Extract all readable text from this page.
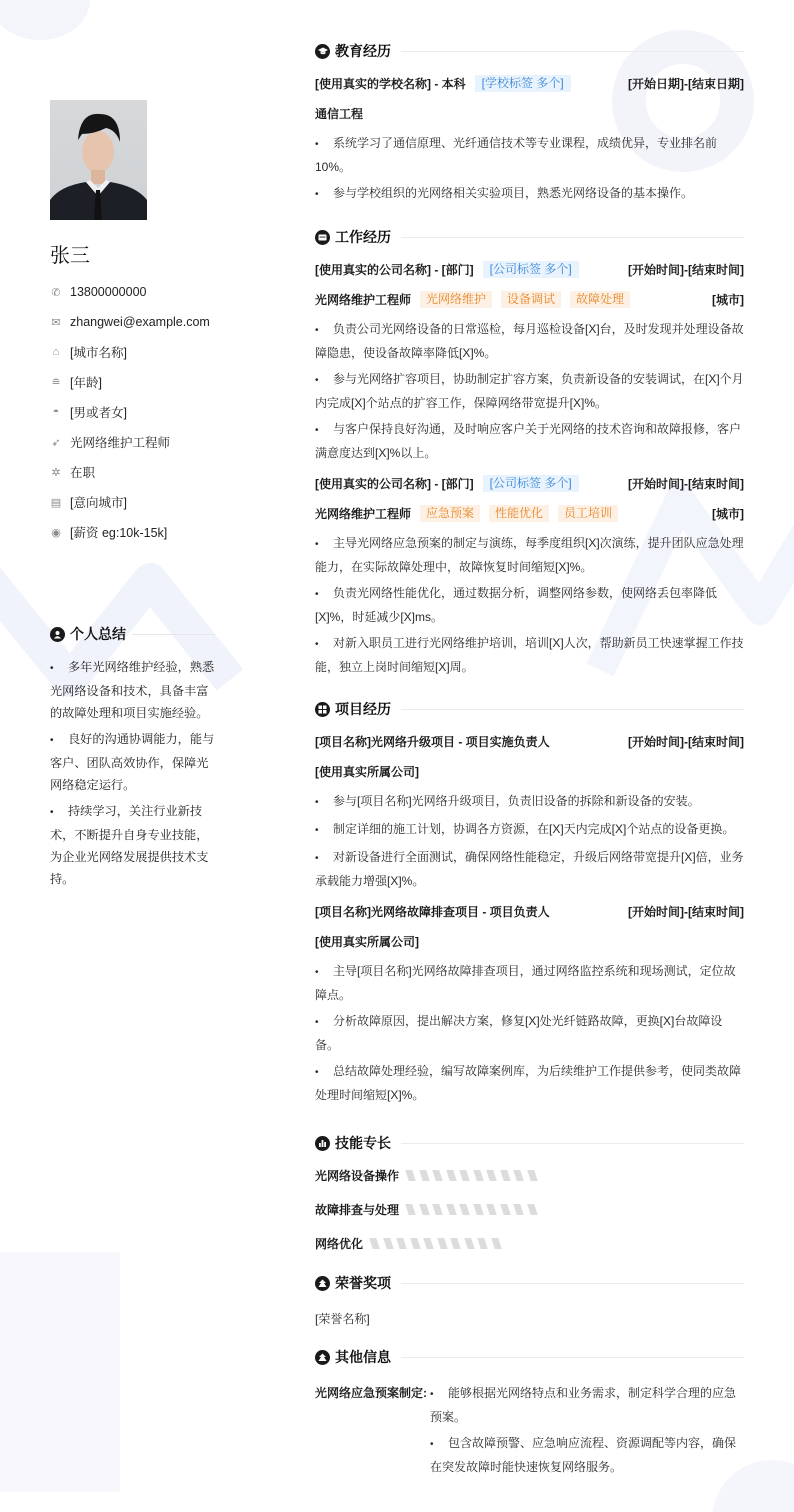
张三
✆ 13800000000
✉ zhangwei@example.com
⌂ [城市名称]
≘ [年龄]
◓ [男或者女]
➶ 光网络维护工程师
✲ 在职
▤ [意向城市]
◉ [薪资 eg:10k-15k]
个人总结
• 多年光网络维护经验，熟悉光网络设备和技术，具备丰富的故障处理和项目实施经验。
• 良好的沟通协调能力，能与客户、团队高效协作，保障光网络稳定运行。
• 持续学习，关注行业新技术，不断提升自身专业技能，为企业光网络发展提供技术支持。
教育经历
[使用真实的学校名称] - 本科	[学校标签 多个]	[开始日期]-[结束日期]
通信工程
• 系统学习了通信原理、光纤通信技术等专业课程，成绩优异，专业排名前10%。
• 参与学校组织的光网络相关实验项目，熟悉光网络设备的基本操作。
工作经历
[使用真实的公司名称] - [部门]	[公司标签 多个]	[开始时间]-[结束时间]
光网络维护工程师	光网络维护	设备调试	故障处理	[城市]
• 负责公司光网络设备的日常巡检，每月巡检设备[X]台，及时发现并处理设备故障隐患，使设备故障率降低[X]%。
• 参与光网络扩容项目，协助制定扩容方案，负责新设备的安装调试，在[X]个月内完成[X]个站点的扩容工作，保障网络带宽提升[X]%。
• 与客户保持良好沟通，及时响应客户关于光网络的技术咨询和故障报修，客户满意度达到[X]%以上。
[使用真实的公司名称] - [部门]	[公司标签 多个]	[开始时间]-[结束时间]
光网络维护工程师	应急预案	性能优化	员工培训	[城市]
• 主导光网络应急预案的制定与演练，每季度组织[X]次演练，提升团队应急处理能力，在实际故障处理中，故障恢复时间缩短[X]%。
• 负责光网络性能优化，通过数据分析，调整网络参数，使网络丢包率降低[X]%，时延减少[X]ms。
• 对新入职员工进行光网络维护培训，培训[X]人次，帮助新员工快速掌握工作技能，独立上岗时间缩短[X]周。
项目经历
[项目名称]光网络升级项目 - 项目实施负责人	[开始时间]-[结束时间]
[使用真实所属公司]
• 参与[项目名称]光网络升级项目，负责旧设备的拆除和新设备的安装。
• 制定详细的施工计划，协调各方资源，在[X]天内完成[X]个站点的设备更换。
• 对新设备进行全面测试，确保网络性能稳定，升级后网络带宽提升[X]倍，业务承载能力增强[X]%。
[项目名称]光网络故障排查项目 - 项目负责人	[开始时间]-[结束时间]
[使用真实所属公司]
• 主导[项目名称]光网络故障排查项目，通过网络监控系统和现场测试，定位故障点。
• 分析故障原因，提出解决方案，修复[X]处光纤链路故障，更换[X]台故障设备。
• 总结故障处理经验，编写故障案例库，为后续维护工作提供参考，使同类故障处理时间缩短[X]%。
技能专长
光网络设备操作
故障排查与处理
网络优化
荣誉奖项
[荣誉名称]
其他信息
光网络应急预案制定:	• 能够根据光网络特点和业务需求，制定科学合理的应急预案。
• 包含故障预警、应急响应流程、资源调配等内容，确保在突发故障时能快速恢复网络服务。
